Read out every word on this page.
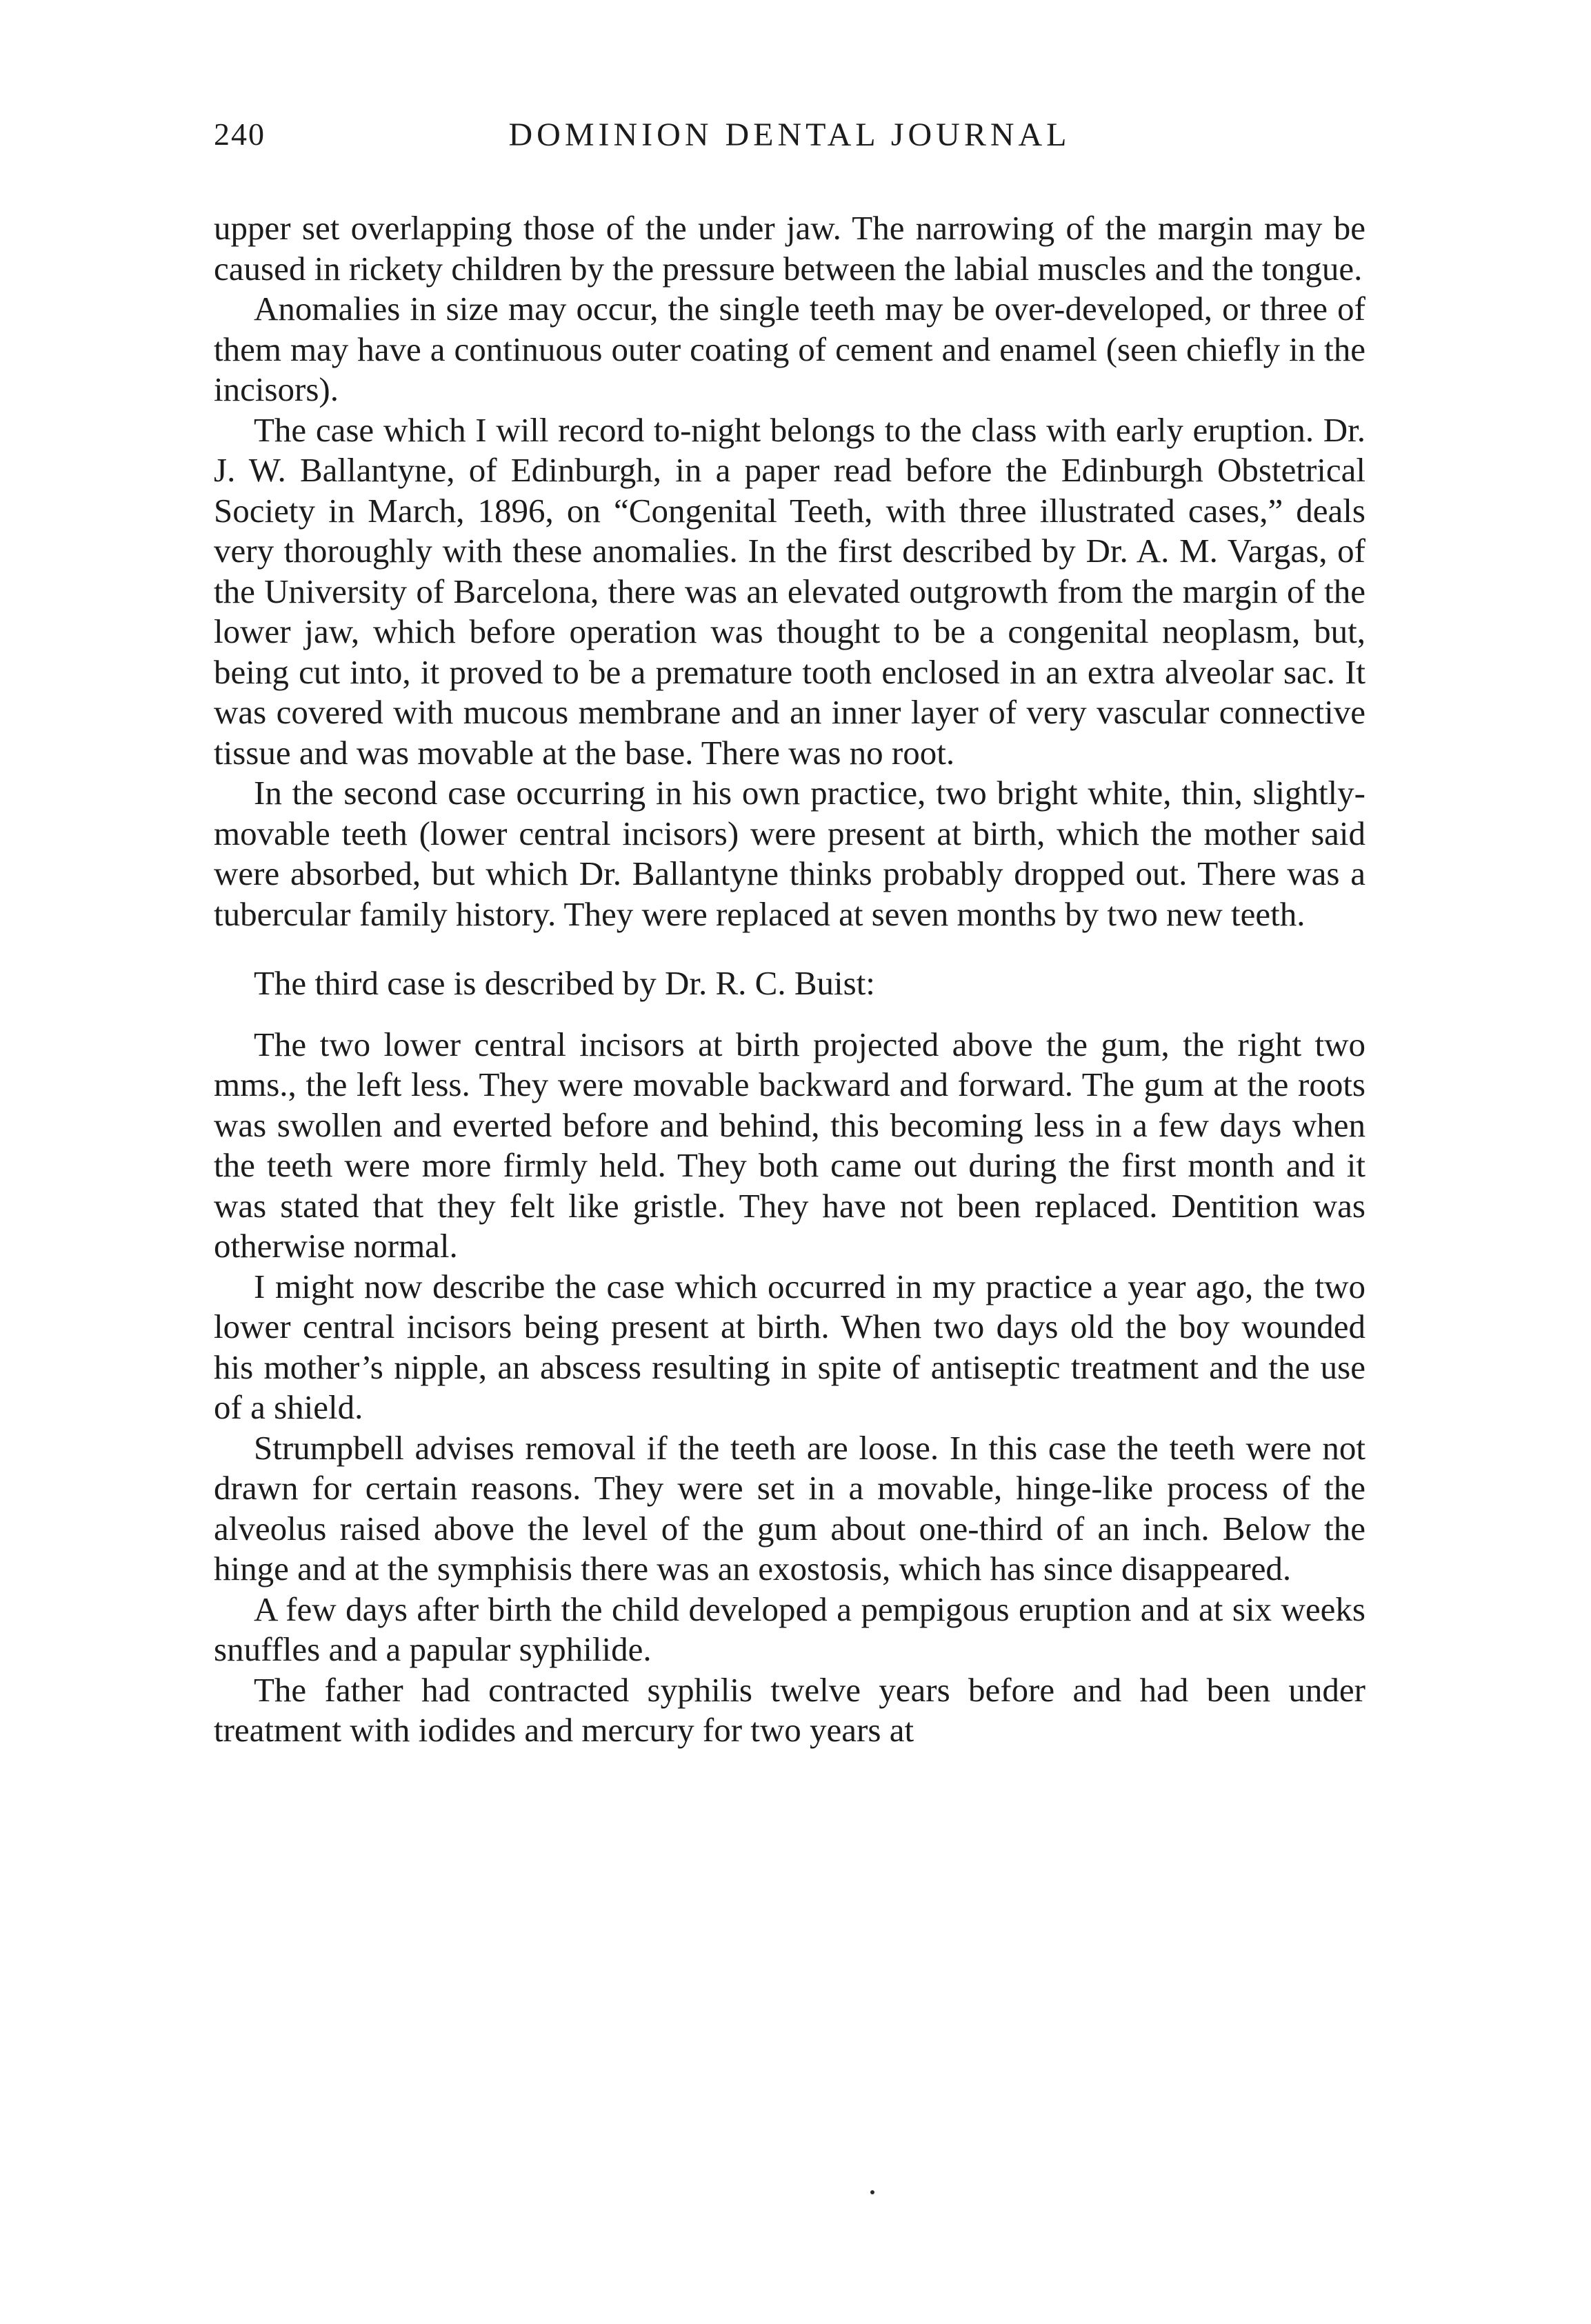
240	DOMINION DENTAL JOURNAL

upper set overlapping those of the under jaw. The narrowing of the margin may be caused in rickety children by the pressure between the labial muscles and the tongue.

Anomalies in size may occur, the single teeth may be over-developed, or three of them may have a continuous outer coating of cement and enamel (seen chiefly in the incisors).

The case which I will record to-night belongs to the class with early eruption. Dr. J. W. Ballantyne, of Edinburgh, in a paper read before the Edinburgh Obstetrical Society in March, 1896, on “Congenital Teeth, with three illustrated cases,” deals very thoroughly with these anomalies. In the first described by Dr. A. M. Vargas, of the University of Barcelona, there was an elevated outgrowth from the margin of the lower jaw, which before operation was thought to be a congenital neoplasm, but, being cut into, it proved to be a premature tooth enclosed in an extra alveolar sac. It was covered with mucous membrane and an inner layer of very vascular connective tissue and was movable at the base. There was no root.

In the second case occurring in his own practice, two bright white, thin, slightly-movable teeth (lower central incisors) were present at birth, which the mother said were absorbed, but which Dr. Ballantyne thinks probably dropped out. There was a tubercular family history. They were replaced at seven months by two new teeth.

The third case is described by Dr. R. C. Buist:

The two lower central incisors at birth projected above the gum, the right two mms., the left less. They were movable backward and forward. The gum at the roots was swollen and everted before and behind, this becoming less in a few days when the teeth were more firmly held. They both came out during the first month and it was stated that they felt like gristle. They have not been replaced. Dentition was otherwise normal.

I might now describe the case which occurred in my practice a year ago, the two lower central incisors being present at birth. When two days old the boy wounded his mother’s nipple, an abscess resulting in spite of antiseptic treatment and the use of a shield.

Strumpbell advises removal if the teeth are loose. In this case the teeth were not drawn for certain reasons. They were set in a movable, hinge-like process of the alveolus raised above the level of the gum about one-third of an inch. Below the hinge and at the symphisis there was an exostosis, which has since disappeared.

A few days after birth the child developed a pempigous eruption and at six weeks snuffles and a papular syphilide.

The father had contracted syphilis twelve years before and had been under treatment with iodides and mercury for two years at
